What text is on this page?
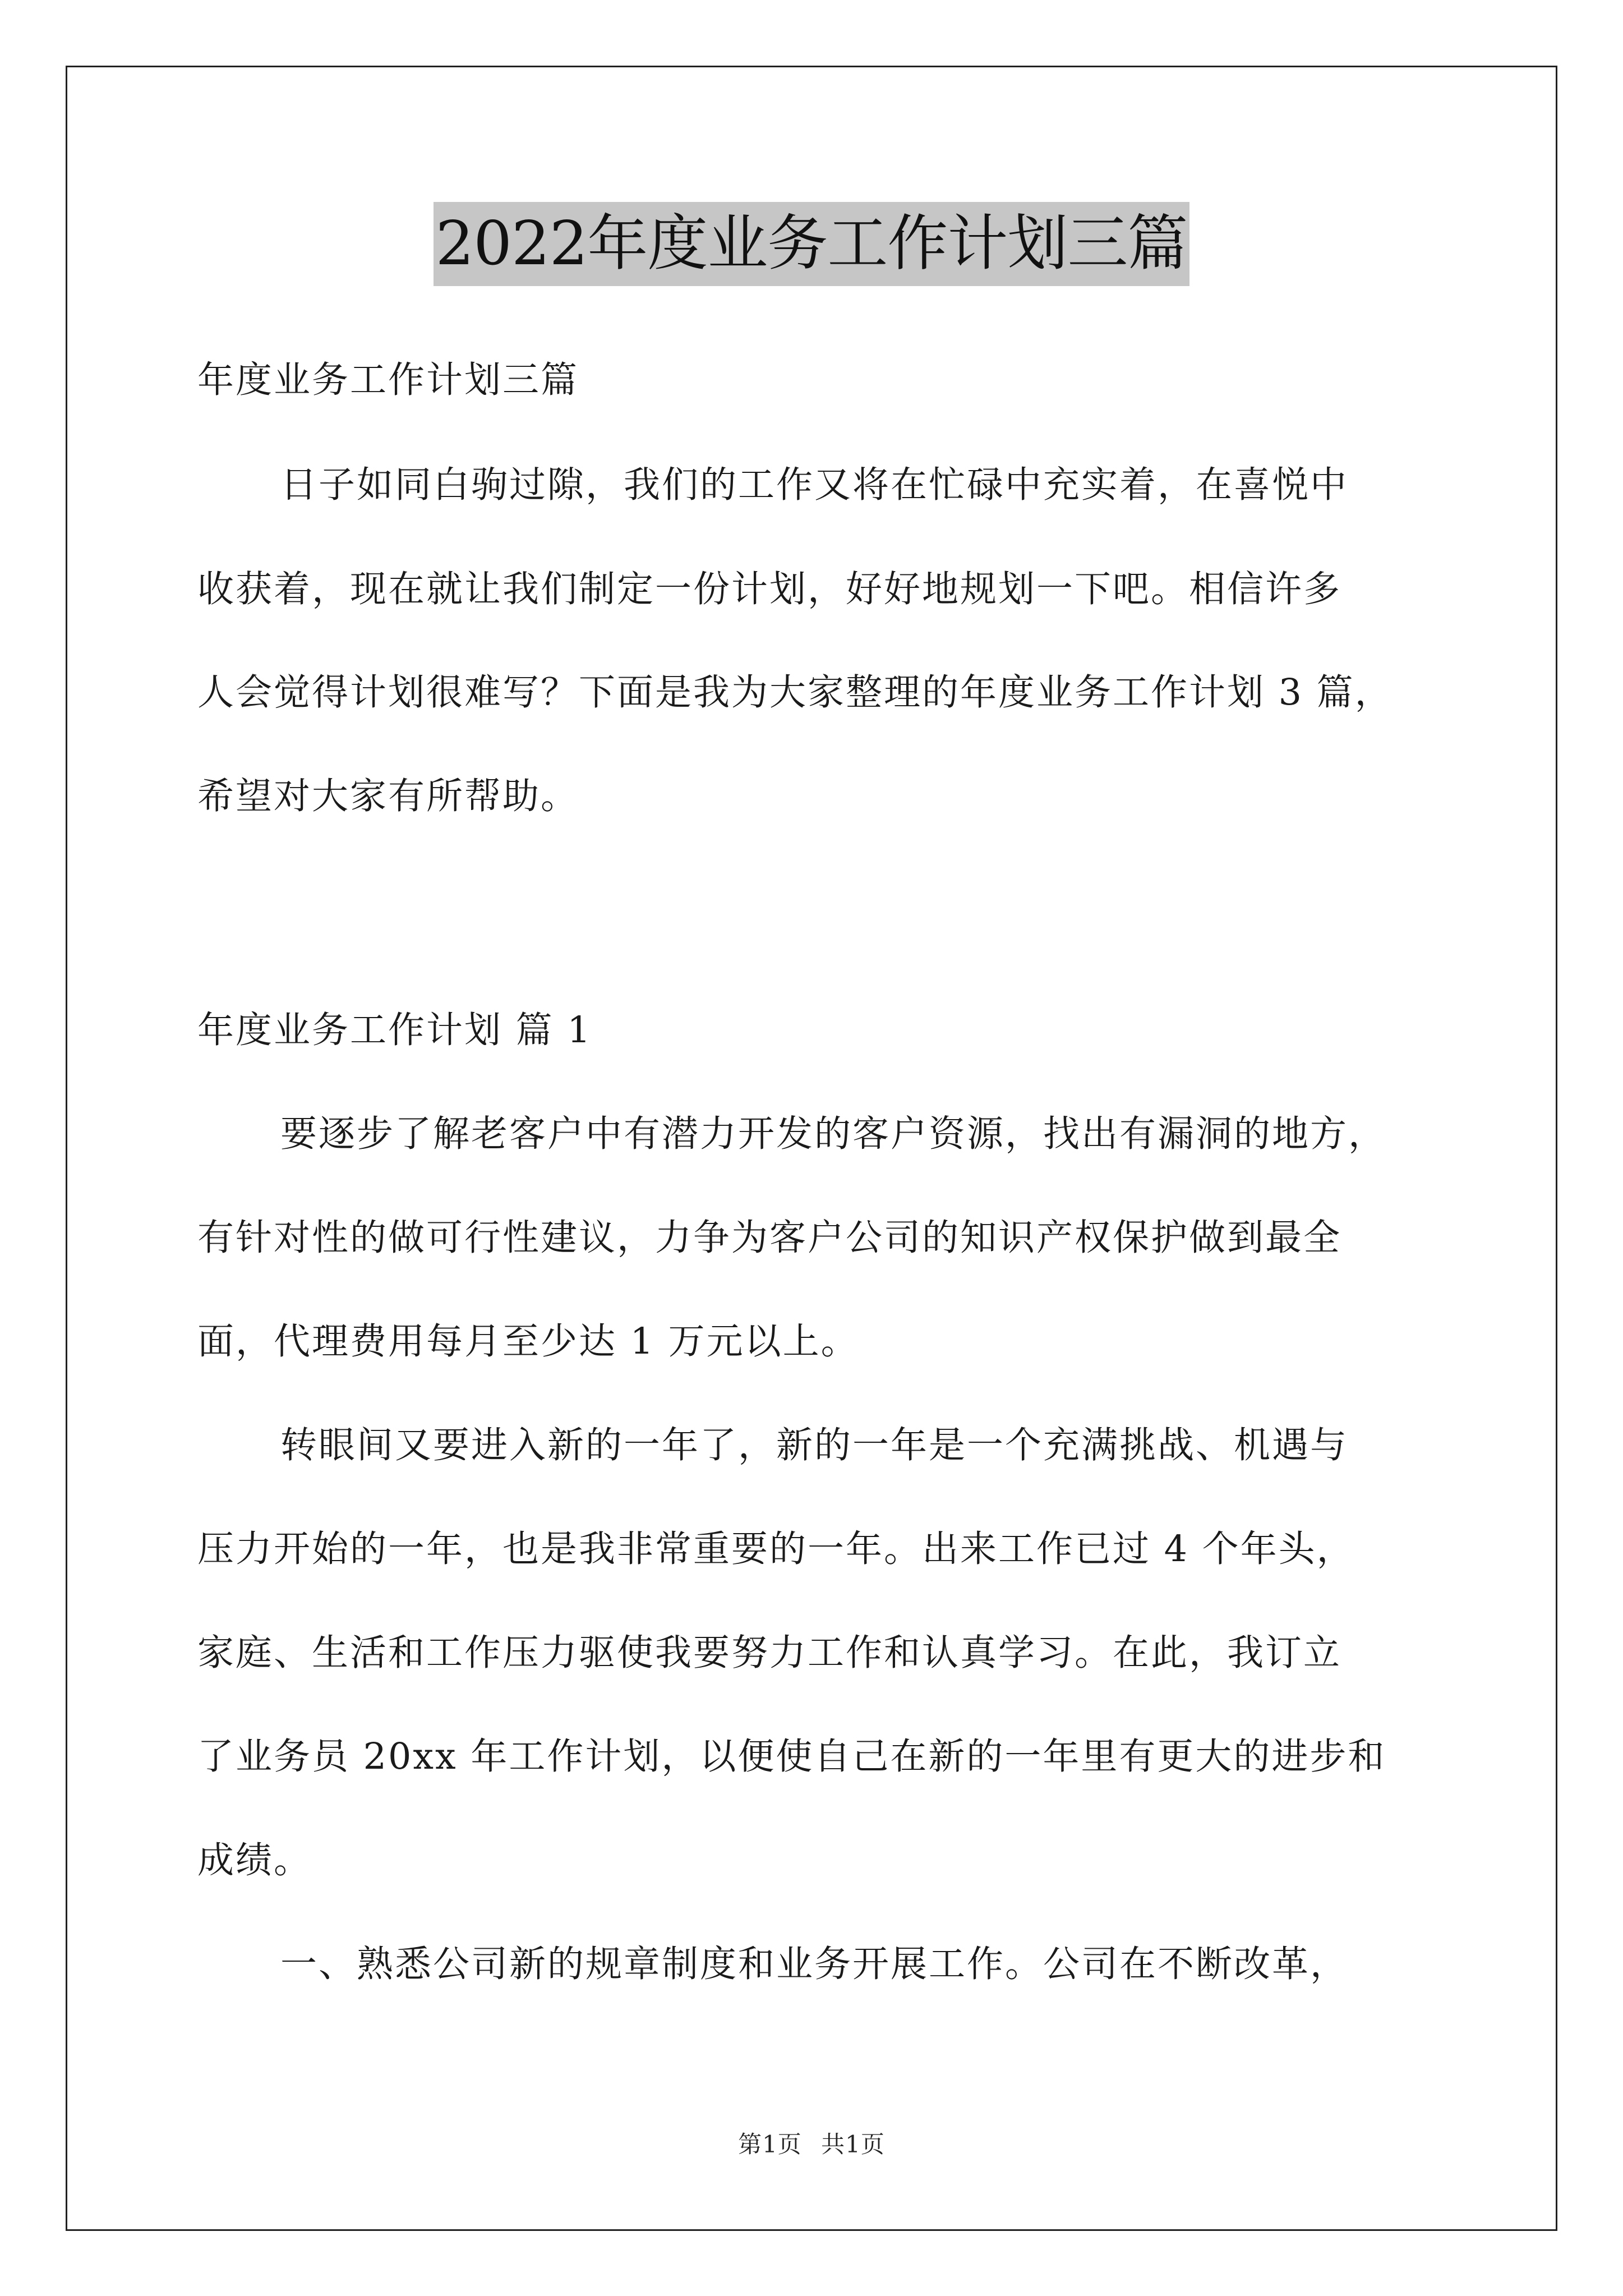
2022年度业务工作计划三篇
年度业务工作计划三篇
日子如同白驹过隙，我们的工作又将在忙碌中充实着，在喜悦中
收获着，现在就让我们制定一份计划，好好地规划一下吧。相信许多
人会觉得计划很难写？下面是我为大家整理的年度业务工作计划 3 篇，
希望对大家有所帮助。
年度业务工作计划 篇 1
要逐步了解老客户中有潜力开发的客户资源，找出有漏洞的地方，
有针对性的做可行性建议，力争为客户公司的知识产权保护做到最全
面，代理费用每月至少达 1 万元以上。
转眼间又要进入新的一年了，新的一年是一个充满挑战、机遇与
压力开始的一年，也是我非常重要的一年。出来工作已过 4 个年头，
家庭、生活和工作压力驱使我要努力工作和认真学习。在此，我订立
了业务员 20xx 年工作计划，以便使自己在新的一年里有更大的进步和
成绩。
一、熟悉公司新的规章制度和业务开展工作。公司在不断改革，
第1页 共1页
